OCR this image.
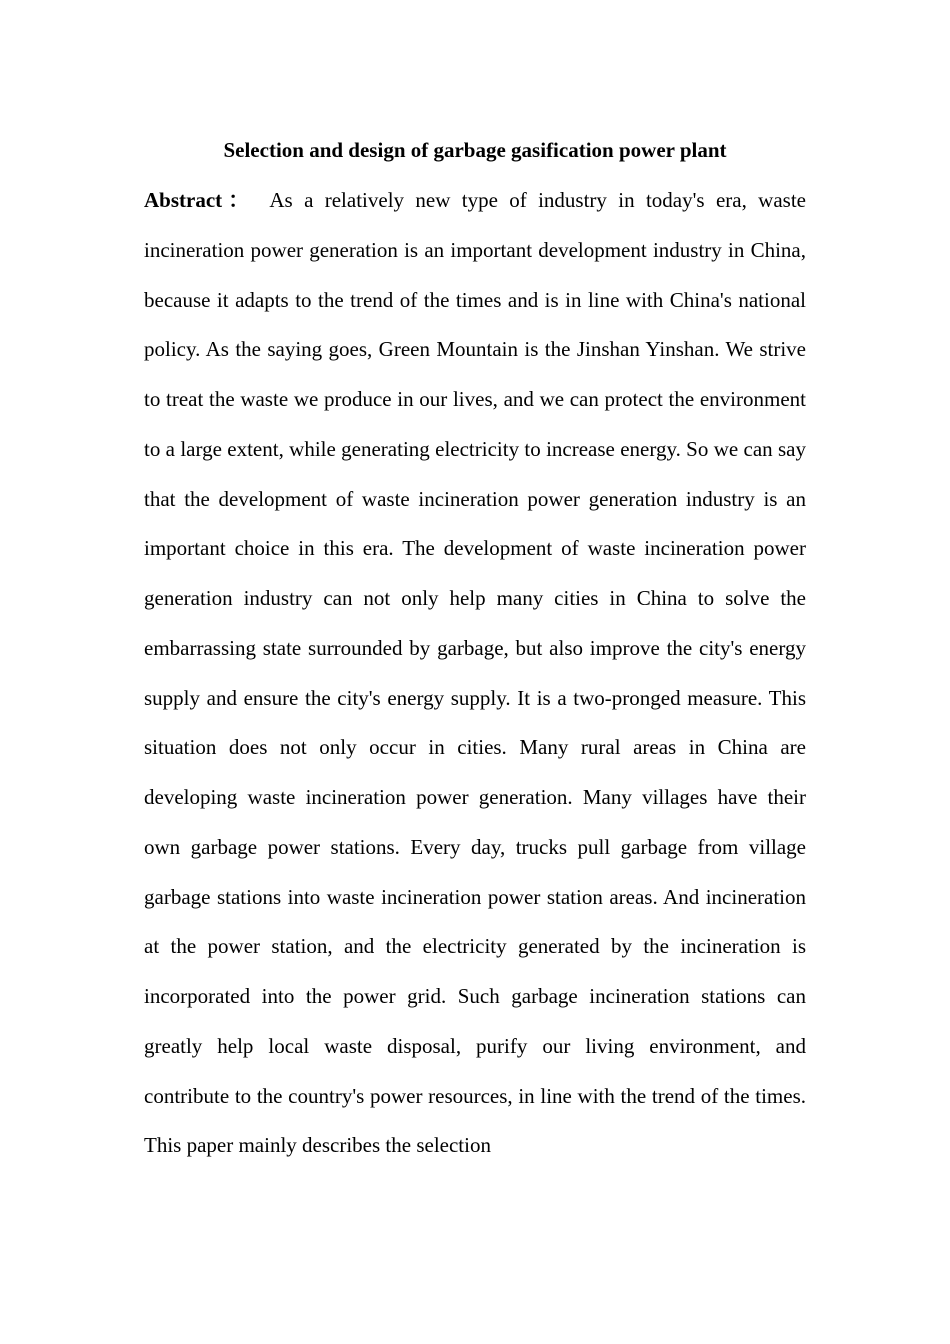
Selection and design of garbage gasification power plant
Abstract： As a relatively new type of industry in today's era, waste incineration power generation is an important development industry in China, because it adapts to the trend of the times and is in line with China's national policy. As the saying goes, Green Mountain is the Jinshan Yinshan. We strive to treat the waste we produce in our lives, and we can protect the environment to a large extent, while generating electricity to increase energy. So we can say that the development of waste incineration power generation industry is an important choice in this era. The development of waste incineration power generation industry can not only help many cities in China to solve the embarrassing state surrounded by garbage, but also improve the city's energy supply and ensure the city's energy supply. It is a two-pronged measure. This situation does not only occur in cities. Many rural areas in China are developing waste incineration power generation. Many villages have their own garbage power stations. Every day, trucks pull garbage from village garbage stations into waste incineration power station areas. And incineration at the power station, and the electricity generated by the incineration is incorporated into the power grid. Such garbage incineration stations can greatly help local waste disposal, purify our living environment, and contribute to the country's power resources, in line with the trend of the times. This paper mainly describes the selection
